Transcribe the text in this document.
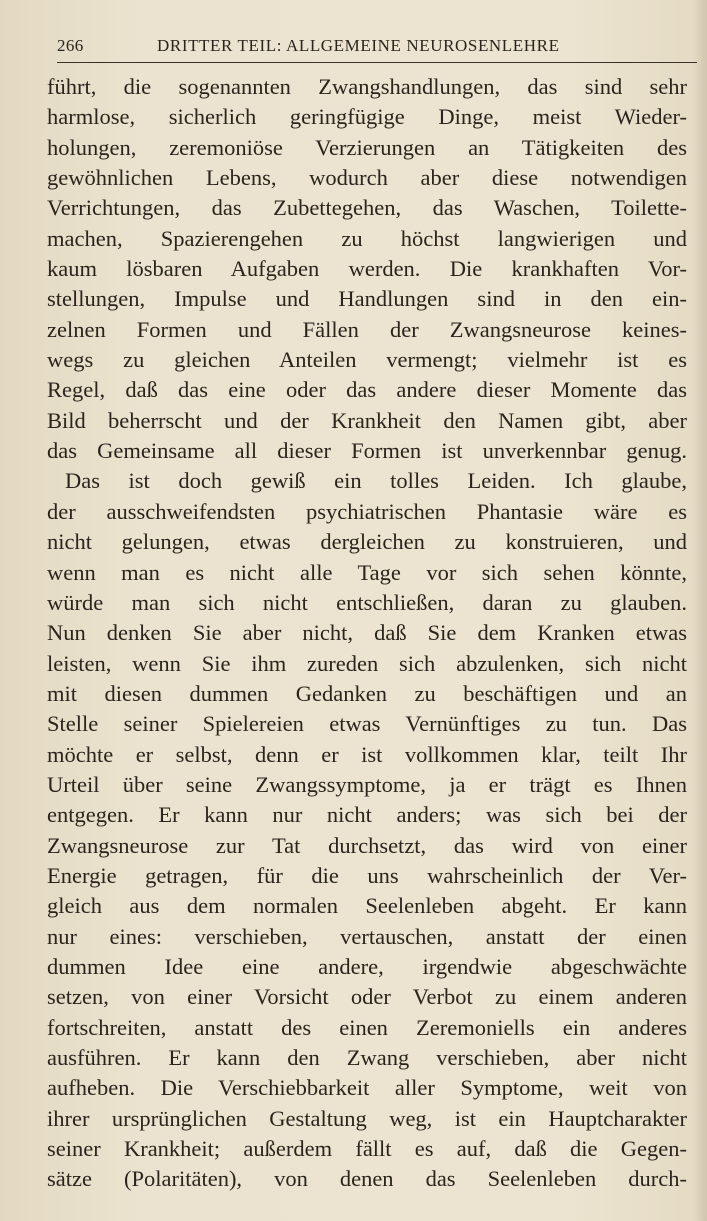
266	DRITTER TEIL: ALLGEMEINE NEUROSENLEHRE
führt, die sogenannten Zwangshandlungen, das sind sehr
harmlose, sicherlich geringfügige Dinge, meist Wieder-
holungen, zeremoniöse Verzierungen an Tätigkeiten des
gewöhnlichen Lebens, wodurch aber diese notwendigen
Verrichtungen, das Zubettegehen, das Waschen, Toilette-
machen, Spazierengehen zu höchst langwierigen und
kaum lösbaren Aufgaben werden. Die krankhaften Vor-
stellungen, Impulse und Handlungen sind in den ein-
zelnen Formen und Fällen der Zwangsneurose keines-
wegs zu gleichen Anteilen vermengt; vielmehr ist es
Regel, daß das eine oder das andere dieser Momente das
Bild beherrscht und der Krankheit den Namen gibt, aber
das Gemeinsame all dieser Formen ist unverkennbar genug.
Das ist doch gewiß ein tolles Leiden. Ich glaube,
der ausschweifendsten psychiatrischen Phantasie wäre es
nicht gelungen, etwas dergleichen zu konstruieren, und
wenn man es nicht alle Tage vor sich sehen könnte,
würde man sich nicht entschließen, daran zu glauben.
Nun denken Sie aber nicht, daß Sie dem Kranken etwas
leisten, wenn Sie ihm zureden sich abzulenken, sich nicht
mit diesen dummen Gedanken zu beschäftigen und an
Stelle seiner Spielereien etwas Vernünftiges zu tun. Das
möchte er selbst, denn er ist vollkommen klar, teilt Ihr
Urteil über seine Zwangssymptome, ja er trägt es Ihnen
entgegen. Er kann nur nicht anders; was sich bei der
Zwangsneurose zur Tat durchsetzt, das wird von einer
Energie getragen, für die uns wahrscheinlich der Ver-
gleich aus dem normalen Seelenleben abgeht. Er kann
nur eines: verschieben, vertauschen, anstatt der einen
dummen Idee eine andere, irgendwie abgeschwächte
setzen, von einer Vorsicht oder Verbot zu einem anderen
fortschreiten, anstatt des einen Zeremoniells ein anderes
ausführen. Er kann den Zwang verschieben, aber nicht
aufheben. Die Verschiebbarkeit aller Symptome, weit von
ihrer ursprünglichen Gestaltung weg, ist ein Hauptcharakter
seiner Krankheit; außerdem fällt es auf, daß die Gegen-
sätze (Polaritäten), von denen das Seelenleben durch-
